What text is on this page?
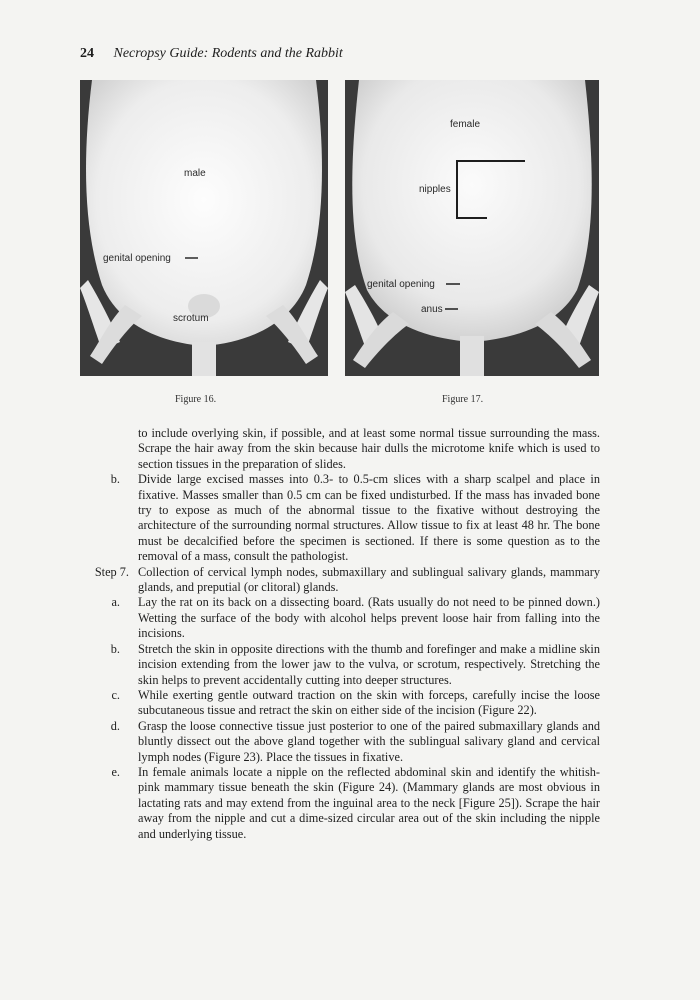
24 Necropsy Guide: Rodents and the Rabbit
male
genital opening
scrotum
female
nipples
genital opening
anus
Figure 16.	Figure 17.
to include overlying skin, if possible, and at least some normal tissue surrounding the mass. Scrape the hair away from the skin because hair dulls the microtome knife which is used to section tissues in the preparation of slides.
b.	Divide large excised masses into 0.3- to 0.5-cm slices with a sharp scalpel and place in fixative. Masses smaller than 0.5 cm can be fixed undisturbed. If the mass has invaded bone try to expose as much of the abnormal tissue to the fixative without destroying the architecture of the surrounding normal structures. Allow tissue to fix at least 48 hr. The bone must be decalcified before the specimen is sectioned. If there is some question as to the removal of a mass, consult the pathologist.
Step 7. Collection of cervical lymph nodes, submaxillary and sublingual salivary glands, mammary glands, and preputial (or clitoral) glands.
a.	Lay the rat on its back on a dissecting board. (Rats usually do not need to be pinned down.) Wetting the surface of the body with alcohol helps prevent loose hair from falling into the incisions.
b.	Stretch the skin in opposite directions with the thumb and forefinger and make a midline skin incision extending from the lower jaw to the vulva, or scrotum, respectively. Stretching the skin helps to prevent accidentally cutting into deeper structures.
c.	While exerting gentle outward traction on the skin with forceps, carefully incise the loose subcutaneous tissue and retract the skin on either side of the incision (Figure 22).
d.	Grasp the loose connective tissue just posterior to one of the paired submaxillary glands and bluntly dissect out the above gland together with the sublingual salivary gland and cervical lymph nodes (Figure 23). Place the tissues in fixative.
e.	In female animals locate a nipple on the reflected abdominal skin and identify the whitish-pink mammary tissue beneath the skin (Figure 24). (Mammary glands are most obvious in lactating rats and may extend from the inguinal area to the neck [Figure 25]). Scrape the hair away from the nipple and cut a dime-sized circular area out of the skin including the nipple and underlying tissue.
